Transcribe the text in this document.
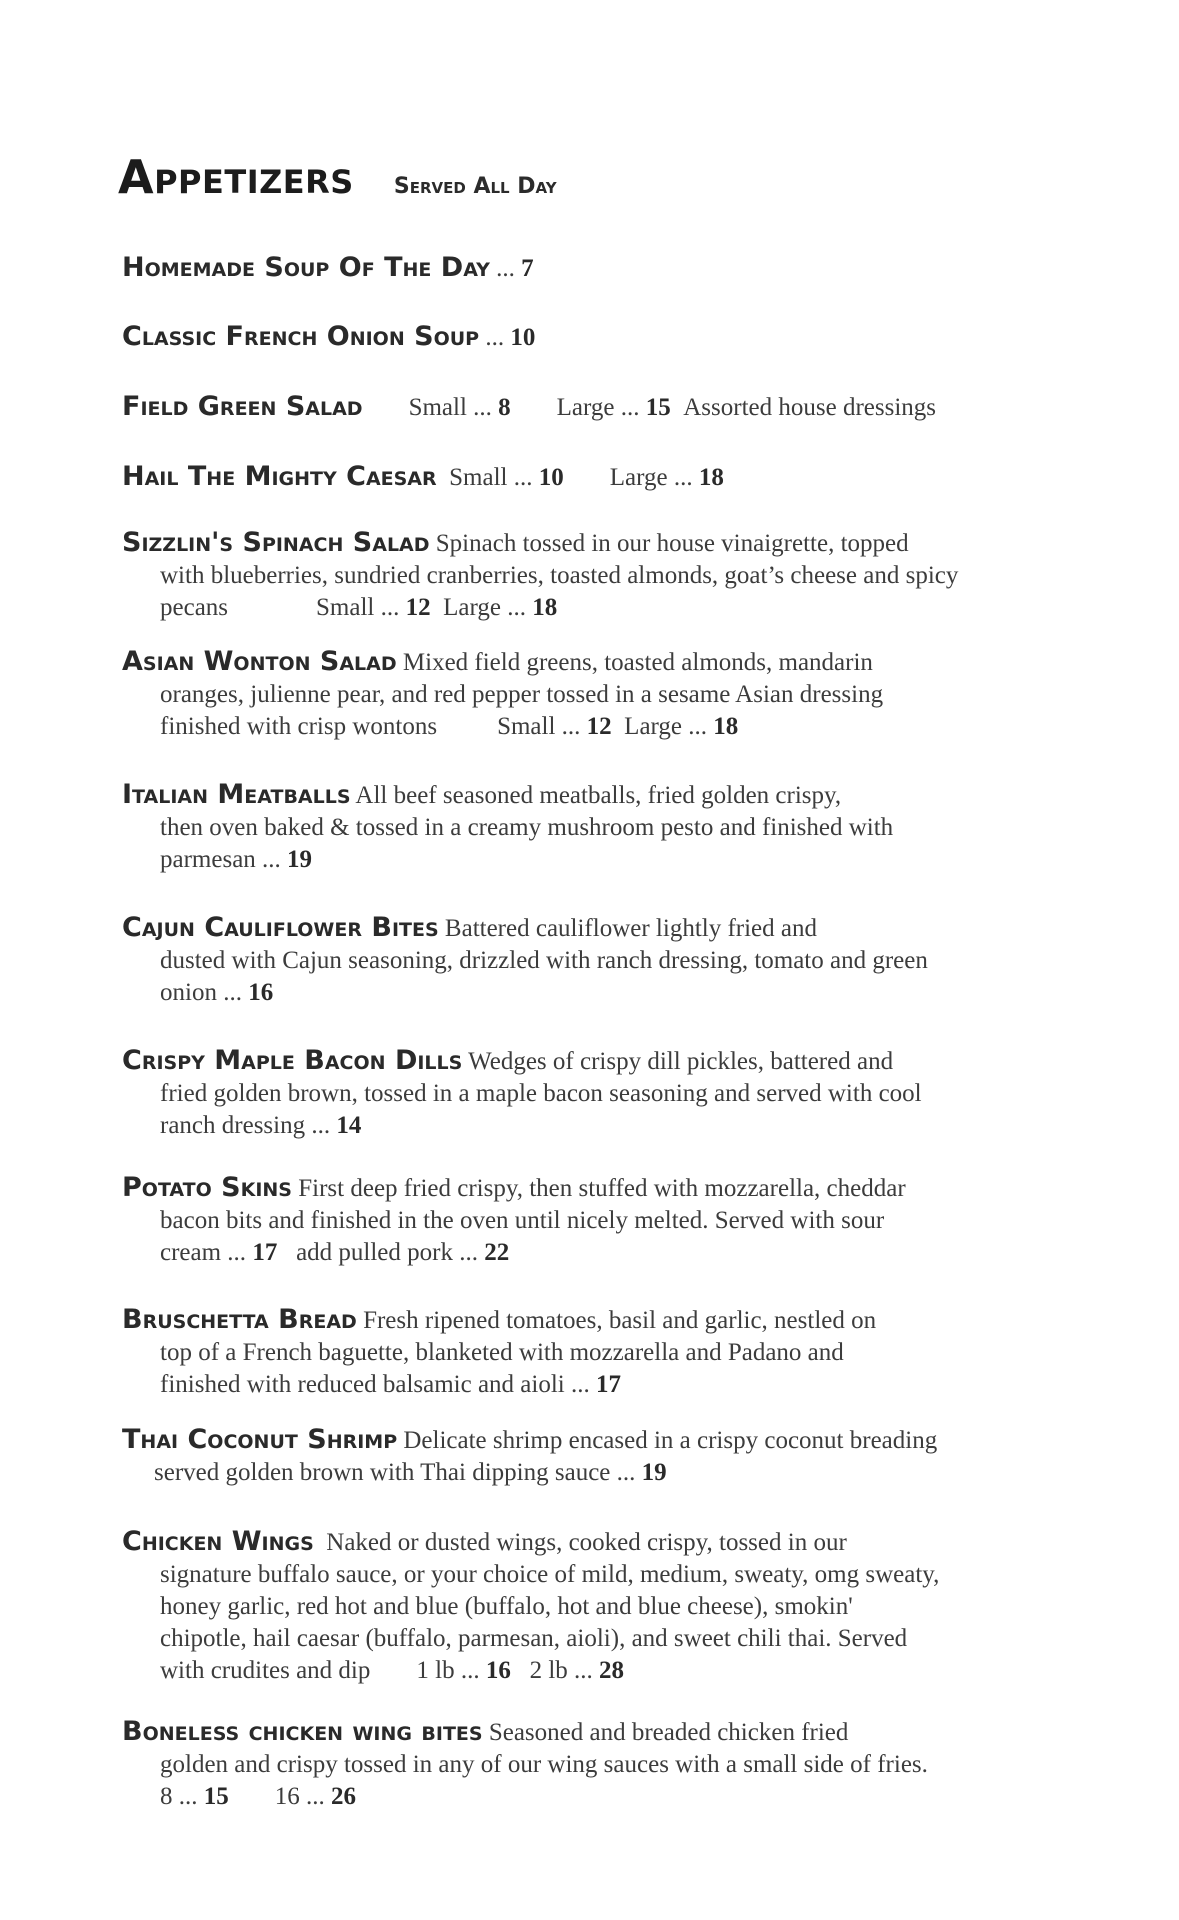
Appetizers Served All Day
Homemade Soup Of The Day ... 7
Classic French Onion Soup ... 10
Field Green Salad Small ... 8 Large ... 15 Assorted house dressings
Hail The Mighty Caesar Small ... 10 Large ... 18
Sizzlin's Spinach Salad Spinach tossed in our house vinaigrette, topped
with blueberries, sundried cranberries, toasted almonds, goat’s cheese and spicy
pecans	Small ... 12 Large ... 18
Asian Wonton Salad Mixed field greens, toasted almonds, mandarin
oranges, julienne pear, and red pepper tossed in a sesame Asian dressing
finished with crisp wontons Small ... 12 Large ... 18
Italian Meatballs All beef seasoned meatballs, fried golden crispy,
then oven baked & tossed in a creamy mushroom pesto and finished with
parmesan ... 19
Cajun Cauliflower Bites Battered cauliflower lightly fried and
dusted with Cajun seasoning, drizzled with ranch dressing, tomato and green
onion ... 16
Crispy Maple Bacon Dills Wedges of crispy dill pickles, battered and
fried golden brown, tossed in a maple bacon seasoning and served with cool
ranch dressing ... 14
Potato Skins First deep fried crispy, then stuffed with mozzarella, cheddar
bacon bits and finished in the oven until nicely melted. Served with sour
cream ... 17 add pulled pork ... 22
Bruschetta Bread Fresh ripened tomatoes, basil and garlic, nestled on
top of a French baguette, blanketed with mozzarella and Padano and
finished with reduced balsamic and aioli ... 17
Thai Coconut Shrimp Delicate shrimp encased in a crispy coconut breading
served golden brown with Thai dipping sauce ... 19
Chicken Wings Naked or dusted wings, cooked crispy, tossed in our
signature buffalo sauce, or your choice of mild, medium, sweaty, omg sweaty,
honey garlic, red hot and blue (buffalo, hot and blue cheese), smokin'
chipotle, hail caesar (buffalo, parmesan, aioli), and sweet chili thai. Served
with crudites and dip 1 lb ... 16 2 lb ... 28
Boneless chicken wing bites Seasoned and breaded chicken fried
golden and crispy tossed in any of our wing sauces with a small side of fries.
8 ... 15 16 ... 26
